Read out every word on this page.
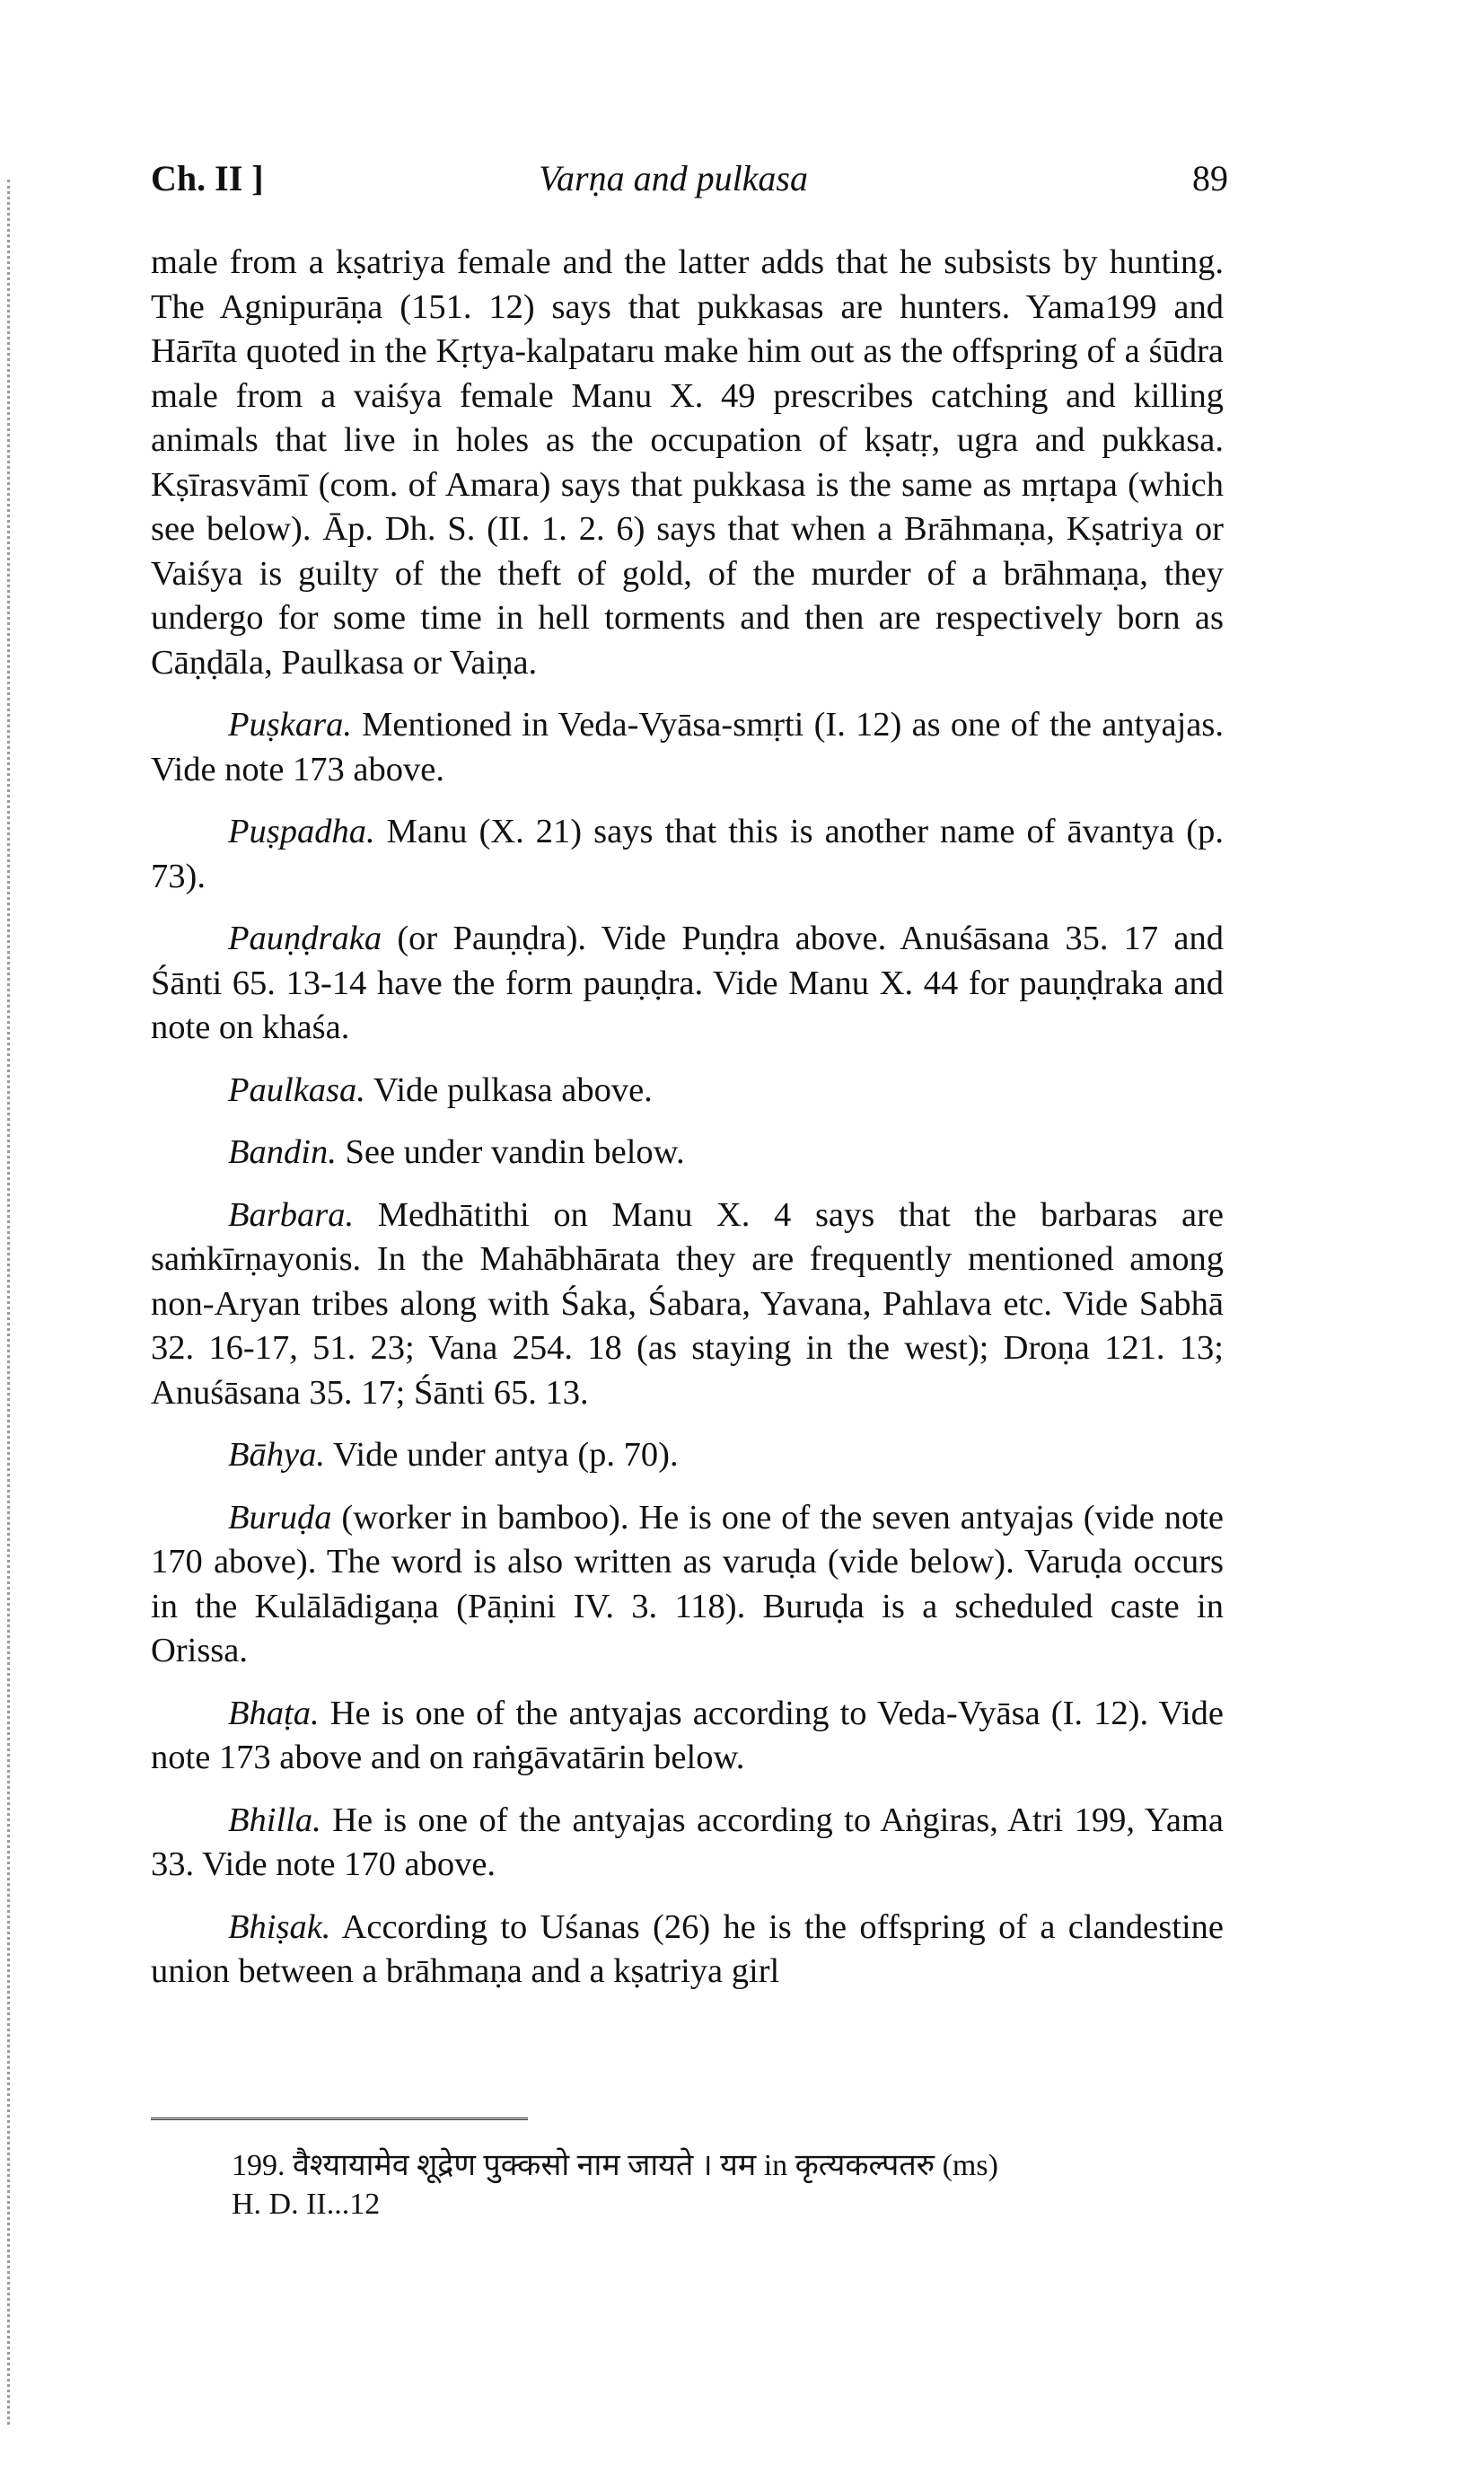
Ch. II ]	Varṇa and pulkasa	89

male from a kṣatriya female and the latter adds that he subsists by hunting. The Agnipurāṇa (151. 12) says that pukkasas are hunters. Yama199 and Hārīta quoted in the Kṛtya-kalpataru make him out as the offspring of a śūdra male from a vaiśya female Manu X. 49 prescribes catching and killing animals that live in holes as the occupation of kṣatṛ, ugra and pukkasa. Kṣīrasvāmī (com. of Amara) says that pukkasa is the same as mṛtapa (which see below). Āp. Dh. S. (II. 1. 2. 6) says that when a Brāhmaṇa, Kṣatriya or Vaiśya is guilty of the theft of gold, of the murder of a brāhmaṇa, they undergo for some time in hell torments and then are respectively born as Cāṇḍāla, Paulkasa or Vaiṇa.

Puṣkara. Mentioned in Veda-Vyāsa-smṛti (I. 12) as one of the antyajas. Vide note 173 above.

Puṣpadha. Manu (X. 21) says that this is another name of āvantya (p. 73).

Pauṇḍraka (or Pauṇḍra). Vide Puṇḍra above. Anuśāsana 35. 17 and Śānti 65. 13-14 have the form pauṇḍra. Vide Manu X. 44 for pauṇḍraka and note on khaśa.

Paulkasa. Vide pulkasa above.

Bandin. See under vandin below.

Barbara. Medhātithi on Manu X. 4 says that the barbaras are saṁkīrṇayonis. In the Mahābhārata they are frequently mentioned among non-Aryan tribes along with Śaka, Śabara, Yavana, Pahlava etc. Vide Sabhā 32. 16-17, 51. 23; Vana 254. 18 (as staying in the west); Droṇa 121. 13; Anuśāsana 35. 17; Śānti 65. 13.

Bāhya. Vide under antya (p. 70).

Buruḍa (worker in bamboo). He is one of the seven antyajas (vide note 170 above). The word is also written as varuḍa (vide below). Varuḍa occurs in the Kulālādigaṇa (Pāṇini IV. 3. 118). Buruḍa is a scheduled caste in Orissa.

Bhaṭa. He is one of the antyajas according to Veda-Vyāsa (I. 12). Vide note 173 above and on raṅgāvatārin below.

Bhilla. He is one of the antyajas according to Aṅgiras, Atri 199, Yama 33. Vide note 170 above.

Bhiṣak. According to Uśanas (26) he is the offspring of a clandestine union between a brāhmaṇa and a kṣatriya girl

199. वैश्यायामेव शूद्रेण पुक्कसो नाम जायते । यम in कृत्यकल्पतरु (ms)
H. D. II...12
